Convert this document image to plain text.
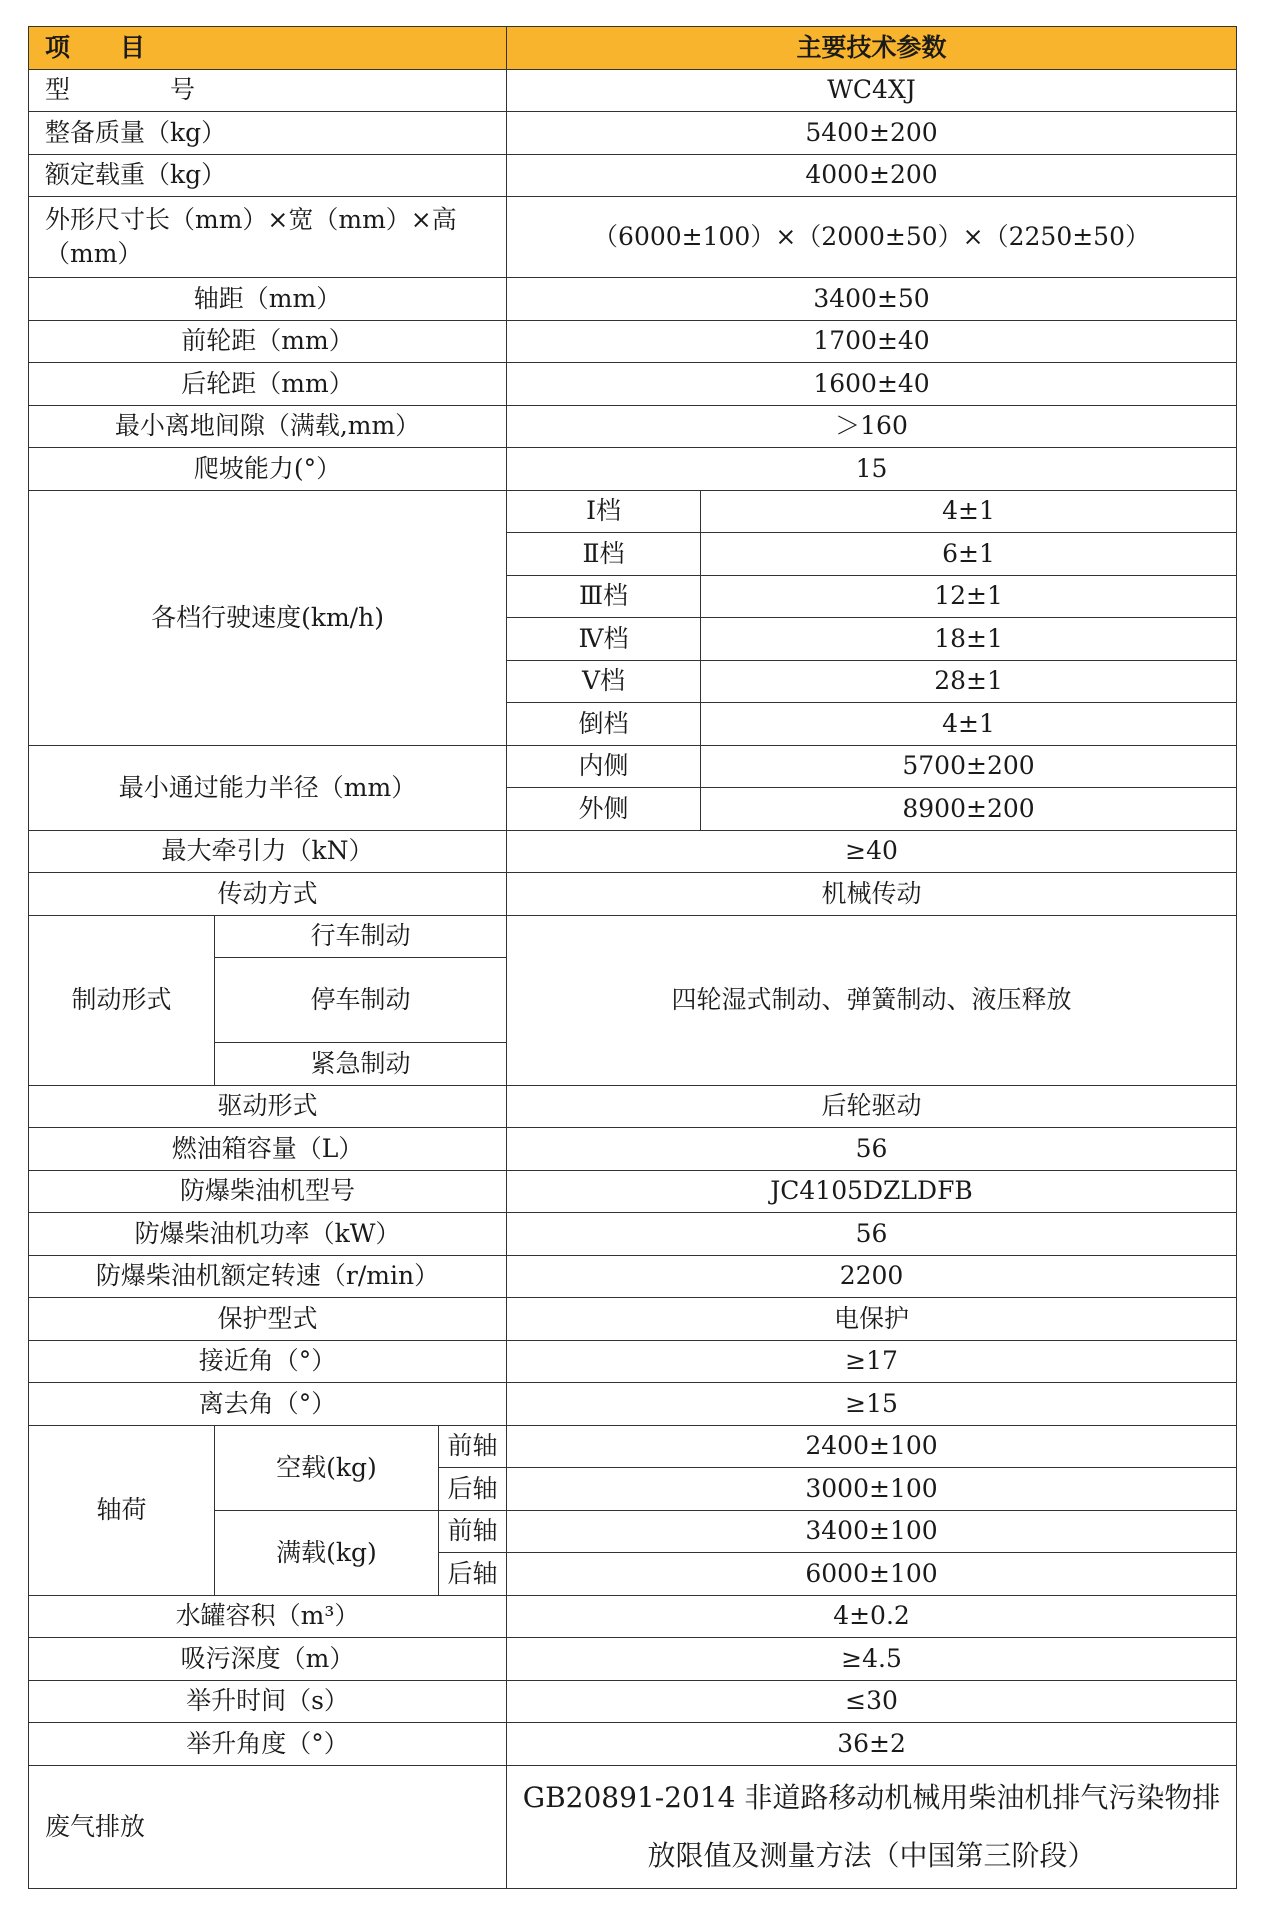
项　　目			主要技术参数	
型　　　　号			WC4XJ	
整备质量（kg）			5400±200	
额定载重（kg）			4000±200	
外形尺寸长（mm）×宽（mm）×高（mm）			（6000±100）×（2000±50）×（2250±50）	
轴距（mm）			3400±50	
前轮距（mm）			1700±40	
后轮距（mm）			1600±40	
最小离地间隙（满载,mm）			＞160	
爬坡能力(°）			15	
各档行驶速度(km/h)			Ⅰ档	4±1
			Ⅱ档	6±1
			Ⅲ档	12±1
			Ⅳ档	18±1
			Ⅴ档	28±1
			倒档	4±1
最小通过能力半径（mm）			内侧	5700±200
			外侧	8900±200
最大牵引力（kN）			≥40	
传动方式			机械传动	
制动形式	行车制动		四轮湿式制动、弹簧制动、液压释放	
	停车制动			
	紧急制动			
驱动形式			后轮驱动	
燃油箱容量（L）			56	
防爆柴油机型号			JC4105DZLDFB	
防爆柴油机功率（kW）			56	
防爆柴油机额定转速（r/min）			2200	
保护型式			电保护	
接近角（°）			≥17	
离去角（°）			≥15	
轴荷	空载(kg)	前轴	2400±100	
		后轴	3000±100	
	满载(kg)	前轴	3400±100	
		后轴	6000±100	
水罐容积（m³）			4±0.2	
吸污深度（m）			≥4.5	
举升时间（s）			≤30	
举升角度（°）			36±2	
废气排放			GB20891-2014 非道路移动机械用柴油机排气污染物排放限值及测量方法（中国第三阶段）	
